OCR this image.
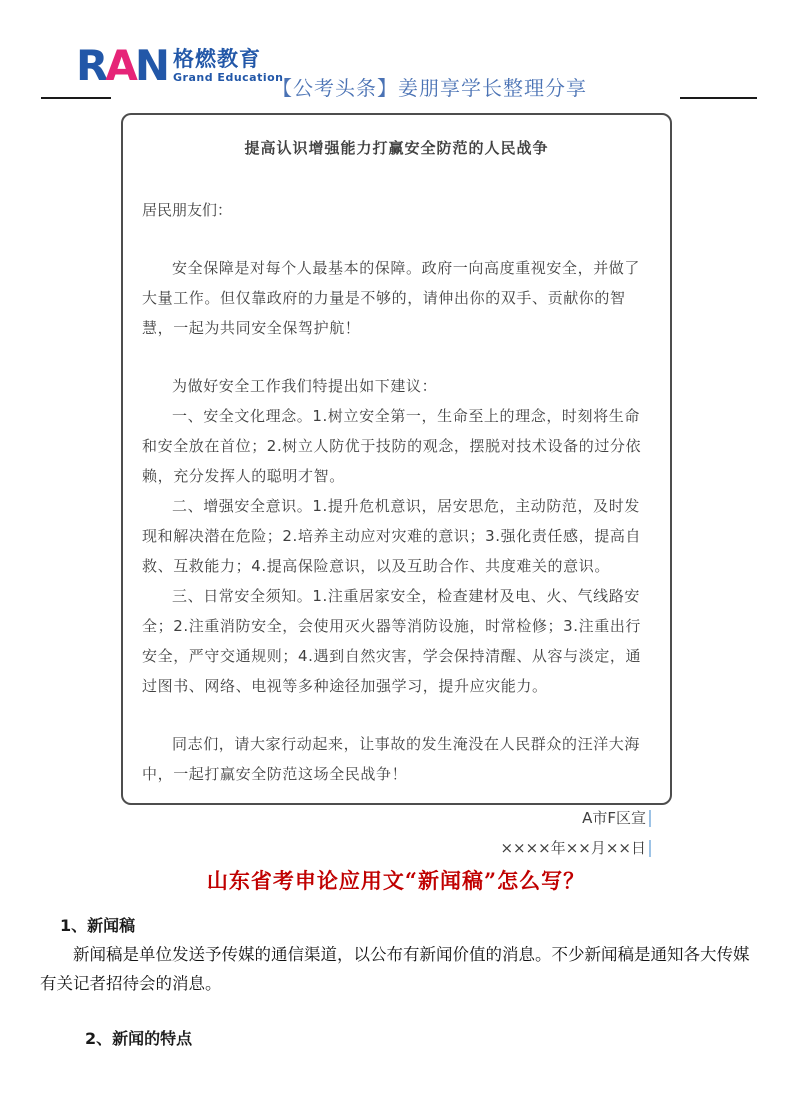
RAN 格燃教育
Grand Education
【公考头条】姜朋享学长整理分享
提高认识增强能力打赢安全防范的人民战争

居民朋友们：

安全保障是对每个人最基本的保障。政府一向高度重视安全，并做了大量工作。但仅靠政府的力量是不够的，请伸出你的双手、贡献你的智慧，一起为共同安全保驾护航！

为做好安全工作我们特提出如下建议：

一、安全文化理念。1.树立安全第一，生命至上的理念，时刻将生命和安全放在首位；2.树立人防优于技防的观念，摆脱对技术设备的过分依赖，充分发挥人的聪明才智。

二、增强安全意识。1.提升危机意识，居安思危，主动防范，及时发现和解决潜在危险；2.培养主动应对灾难的意识；3.强化责任感，提高自救、互救能力；4.提高保险意识，以及互助合作、共度难关的意识。

三、日常安全须知。1.注重居家安全，检查建材及电、火、气线路安全；2.注重消防安全，会使用灭火器等消防设施，时常检修；3.注重出行安全，严守交通规则；4.遇到自然灾害，学会保持清醒、从容与淡定，通过图书、网络、电视等多种途径加强学习，提升应灾能力。

同志们，请大家行动起来，让事故的发生淹没在人民群众的汪洋大海中，一起打赢安全防范这场全民战争！

A市F区宣

××××年××月××日

山东省考申论应用文“新闻稿”怎么写？
1、新闻稿
新闻稿是单位发送予传媒的通信渠道，以公布有新闻价值的消息。不少新闻稿是通知各大传媒有关记者招待会的消息。
2、新闻的特点
